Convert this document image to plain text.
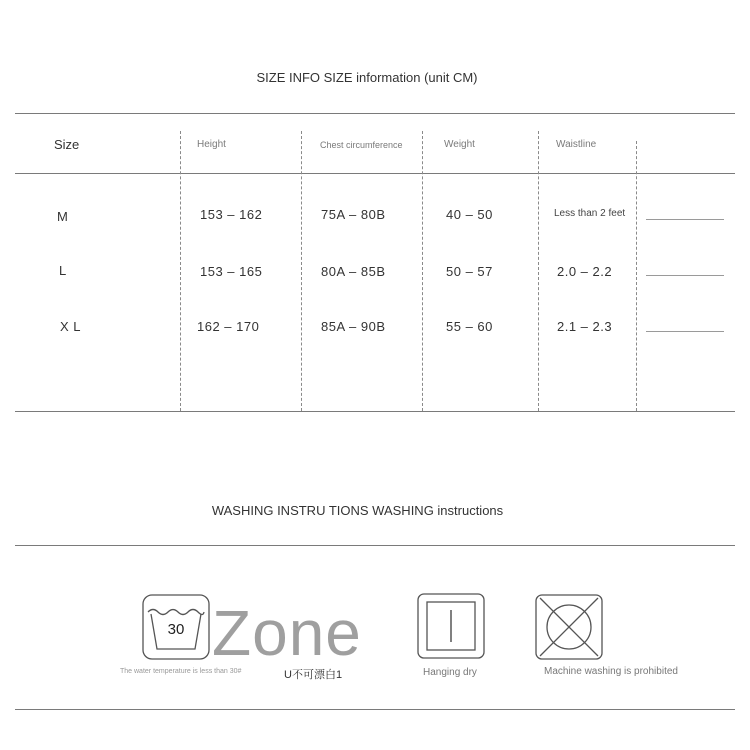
SIZE INFO SIZE information (unit CM)
Size	Height	Chest circumference	Weight	Waistline
M	153 – 162	75A – 80B	40 – 50	Less than 2 feet
L	153 – 165	80A – 85B	50 – 57	2.0 – 2.2
X L	162 – 170	85A – 90B	55 – 60	2.1 – 2.3
WASHING INSTRU TIONS WASHING instructions
30
The water temperature is less than 30#
Zone
U不可漂白1	Hanging dry	Machine washing is prohibited
